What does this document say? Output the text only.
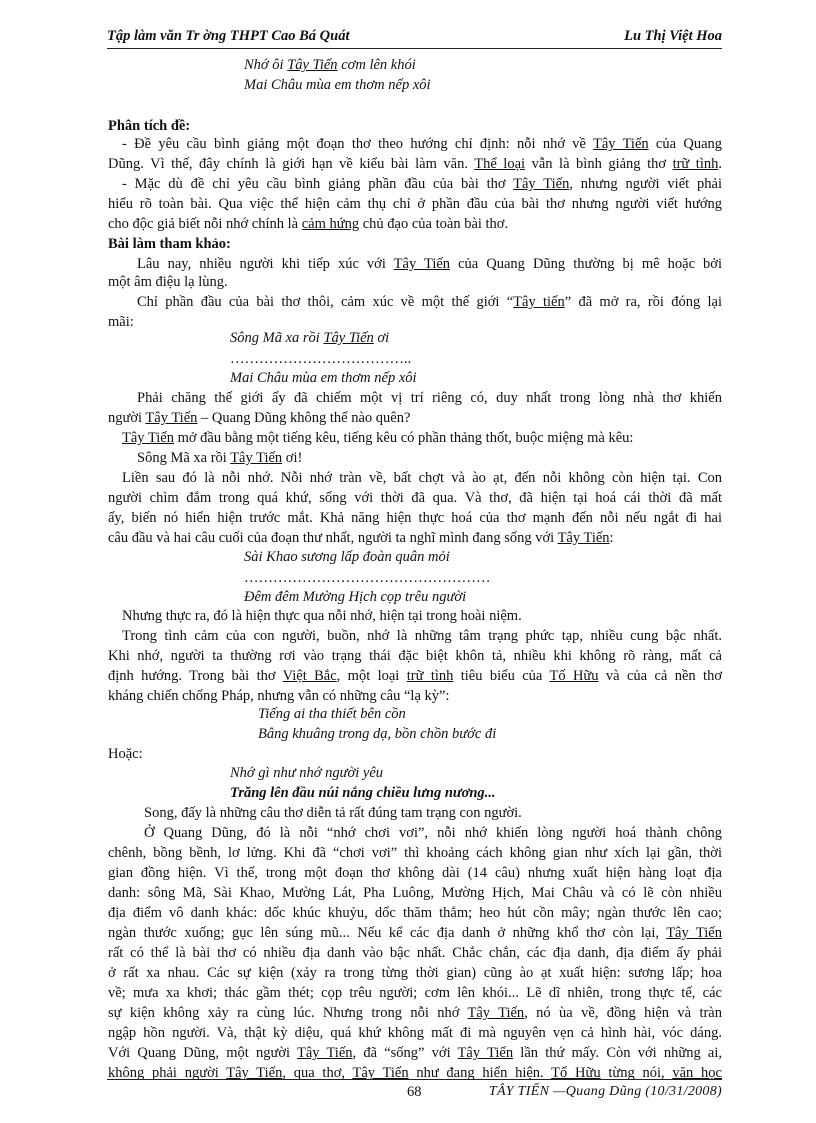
Tập làm văn Tr ờng THPT Cao Bá Quát	Lu Thị Việt Hoa
Nhớ ôi Tây Tiến cơm lên khói
Mai Châu mùa em thơm nếp xôi
Phân tích đề:
- Đề yêu cầu bình giảng một đoạn thơ theo hướng chỉ định: nỗi nhớ về Tây Tiến của Quang
Dũng. Vì thế, đây chính là giới hạn về kiểu bài làm văn. Thể loại vẫn là bình giảng thơ trữ tình.
- Mặc dù đề chỉ yêu cầu bình giảng phần đầu của bài thơ Tây Tiến, nhưng người viết phải
hiểu rõ toàn bài. Qua việc thể hiện cảm thụ chỉ ở phần đầu của bài thơ nhưng người viết hướng
cho độc giả biết nỗi nhớ chính là cảm hứng chủ đạo của toàn bài thơ.
Bài làm tham khảo:
Lâu nay, nhiều người khi tiếp xúc với Tây Tiến của Quang Dũng thường bị mê hoặc bởi
một âm điệu lạ lùng.
Chỉ phần đầu của bài thơ thôi, cảm xúc về một thế giới “Tây tiến” đã mở ra, rồi đóng lại
mãi:
Sông Mã xa rồi Tây Tiến ơi
………………………………..
Mai Châu mùa em thơm nếp xôi
Phải chăng thế giới ấy đã chiếm một vị trí riêng có, duy nhất trong lòng nhà thơ khiến
người Tây Tiến – Quang Dũng không thể nào quên?
Tây Tiến mở đầu bằng một tiếng kêu, tiếng kêu có phần thảng thốt, buộc miệng mà kêu:
Sông Mã xa rồi Tây Tiến ơi!
Liền sau đó là nỗi nhớ. Nỗi nhớ tràn về, bất chợt và ào ạt, đến nỗi không còn hiện tại. Con
người chìm đắm trong quá khứ, sống với thời đã qua. Và thơ, đã hiện tại hoá cái thời đã mất
ấy, biến nó hiển hiện trước mắt. Khả năng hiện thực hoá của thơ mạnh đến nỗi nếu ngắt đi hai
câu đầu và hai câu cuối của đoạn thư nhất, người ta nghĩ mình đang sống với Tây Tiến:
Sài Khao sương lấp đoàn quân mỏi
……………………………………………
Đêm đêm Mường Hịch cọp trêu người
Nhưng thực ra, đó là hiện thực qua nỗi nhớ, hiện tại trong hoài niệm.
Trong tình cảm của con người, buồn, nhớ là những tâm trạng phức tạp, nhiều cung bậc nhất.
Khi nhớ, người ta thường rơi vào trạng thái đặc biệt khôn tả, nhiều khi không rõ ràng, mất cả
định hướng. Trong bài thơ Việt Bắc, một loại trữ tình tiêu biểu của Tố Hữu và của cả nền thơ
kháng chiến chống Pháp, nhưng vẫn có những câu “lạ kỳ”:
Tiếng ai tha thiết bên cồn
Bâng khuâng trong dạ, bồn chồn bước đi
Hoặc:
Nhớ gì như nhớ người yêu
Trăng lên đầu núi nắng chiều lưng nương...
Song, đấy là những câu thơ diễn tả rất đúng tam trạng con người.
Ở Quang Dũng, đó là nỗi “nhớ chơi vơi”, nỗi nhớ khiến lòng người hoá thành chông
chênh, bồng bềnh, lơ lửng. Khi đã “chơi vơi” thì khoảng cách không gian như xích lại gần, thời
gian đồng hiện. Vì thế, trong một đoạn thơ không dài (14 câu) nhưng xuất hiện hàng loạt địa
danh: sông Mã, Sài Khao, Mường Lát, Pha Luông, Mường Hịch, Mai Châu và có lẽ còn nhiều
địa điểm vô danh khác: dốc khúc khuỷu, dốc thăm thẳm; heo hút cồn mây; ngàn thước lên cao;
ngàn thước xuống; gục lên súng mũ... Nếu kể các địa danh ở những khổ thơ còn lại, Tây Tiến
rất có thể là bài thơ có nhiều địa danh vào bậc nhất. Chắc chắn, các địa danh, địa điểm ấy phải
ở rất xa nhau. Các sự kiện (xảy ra trong từng thời gian) cũng ào ạt xuất hiện: sương lấp; hoa
về; mưa xa khơi; thác gầm thét; cọp trêu người; cơm lên khói... Lẽ dĩ nhiên, trong thực tế, các
sự kiện không xảy ra cùng lúc. Nhưng trong nỗi nhớ Tây Tiến, nó ùa về, đồng hiện và tràn
ngập hồn người. Và, thật kỳ diệu, quá khứ không mất đi mà nguyên vẹn cả hình hài, vóc dáng.
Với Quang Dũng, một người Tây Tiến, đã “sống” với Tây Tiến lần thứ mấy. Còn với những ai,
không phải người Tây Tiến, qua thơ, Tây Tiến như đang hiển hiện. Tố Hữu từng nói, văn học
68	TÂY TIẾN —Quang Dũng (10/31/2008)
